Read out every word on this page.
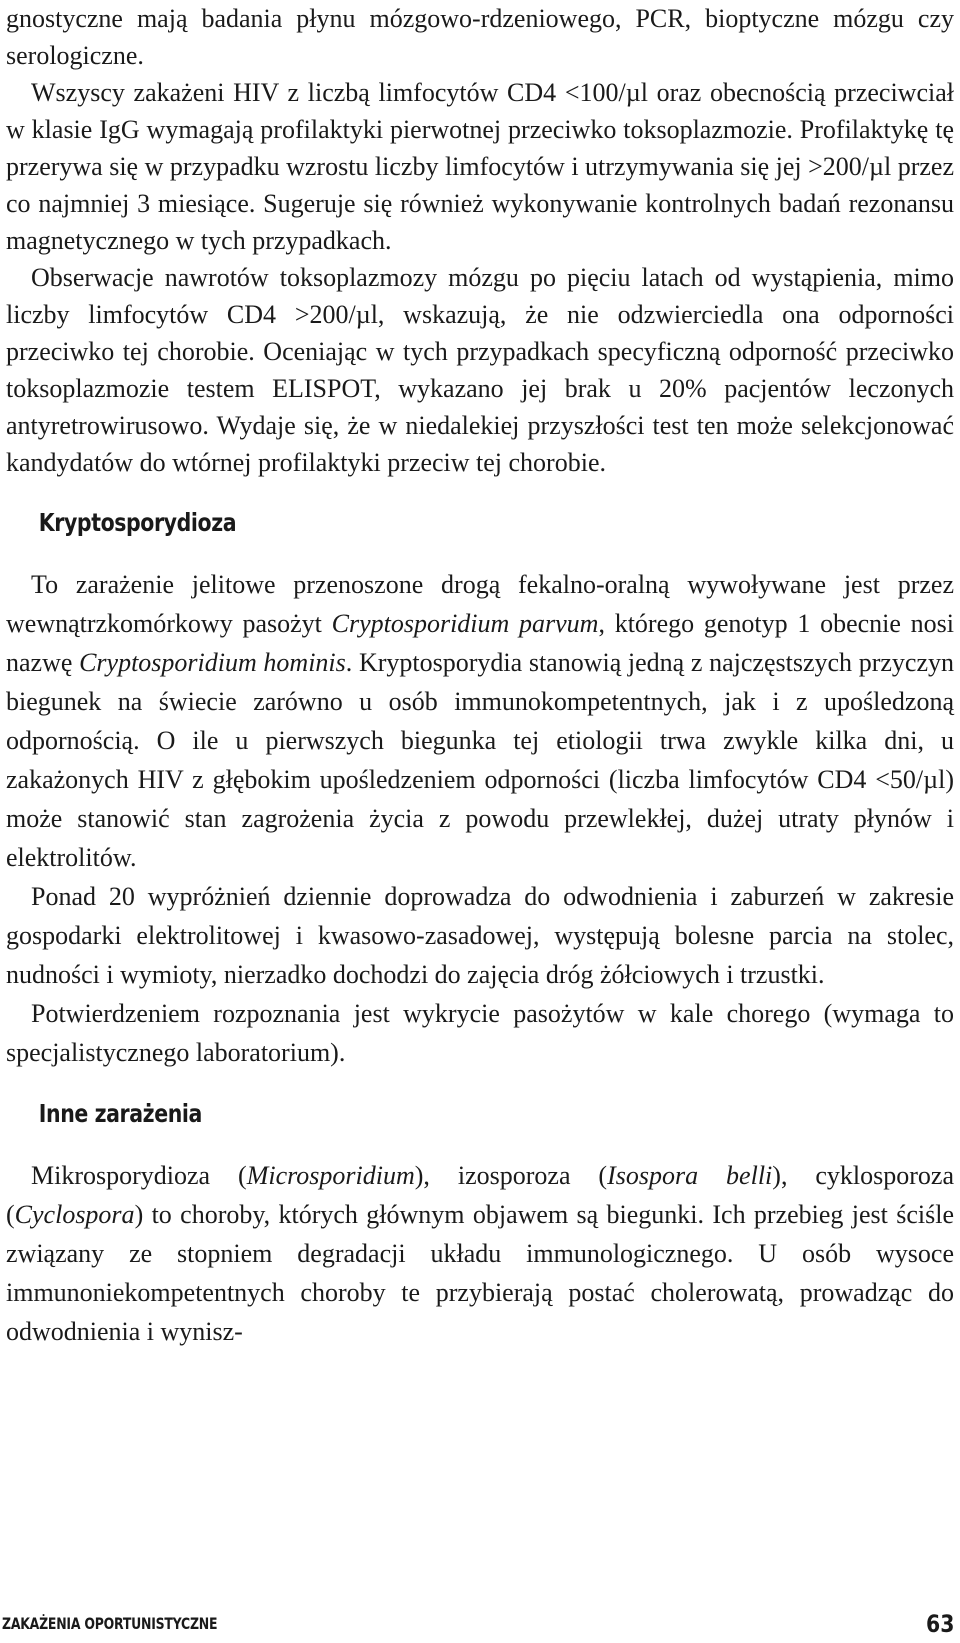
gnostyczne mają badania płynu mózgowo-rdzeniowego, PCR, bioptyczne mózgu czy serologiczne.

Wszyscy zakażeni HIV z liczbą limfocytów CD4 <100/µl oraz obecnością przeciwciał w klasie IgG wymagają profilaktyki pierwotnej przeciwko toksoplazmozie. Profilaktykę tę przerywa się w przypadku wzrostu liczby limfocytów i utrzymywania się jej >200/µl przez co najmniej 3 miesiące. Sugeruje się również wykonywanie kontrolnych badań rezonansu magnetycznego w tych przypadkach.

Obserwacje nawrotów toksoplazmozy mózgu po pięciu latach od wystąpienia, mimo liczby limfocytów CD4 >200/µl, wskazują, że nie odzwierciedla ona odporności przeciwko tej chorobie. Oceniając w tych przypadkach specyficzną odporność przeciwko toksoplazmozie testem ELISPOT, wykazano jej brak u 20% pacjentów leczonych antyretrowirusowo. Wydaje się, że w niedalekiej przyszłości test ten może selekcjonować kandydatów do wtórnej profilaktyki przeciw tej chorobie.

Kryptosporydioza

To zarażenie jelitowe przenoszone drogą fekalno-oralną wywoływane jest przez wewnątrzkomórkowy pasożyt Cryptosporidium parvum, którego genotyp 1 obecnie nosi nazwę Cryptosporidium hominis. Kryptosporydia stanowią jedną z najczęstszych przyczyn biegunek na świecie zarówno u osób immunokompetentnych, jak i z upośledzoną odpornością. O ile u pierwszych biegunka tej etiologii trwa zwykle kilka dni, u zakażonych HIV z głębokim upośledzeniem odporności (liczba limfocytów CD4 <50/µl) może stanowić stan zagrożenia życia z powodu przewlekłej, dużej utraty płynów i elektrolitów.

Ponad 20 wypróżnień dziennie doprowadza do odwodnienia i zaburzeń w zakresie gospodarki elektrolitowej i kwasowo-zasadowej, występują bolesne parcia na stolec, nudności i wymioty, nierzadko dochodzi do zajęcia dróg żółciowych i trzustki.

Potwierdzeniem rozpoznania jest wykrycie pasożytów w kale chorego (wymaga to specjalistycznego laboratorium).

Inne zarażenia

Mikrosporydioza (Microsporidium), izosporoza (Isospora belli), cyklosporoza (Cyclospora) to choroby, których głównym objawem są biegunki. Ich przebieg jest ściśle związany ze stopniem degradacji układu immunologicznego. U osób wysoce immunoniekompetentnych choroby te przybierają postać cholerowatą, prowadząc do odwodnienia i wynisz-

ZAKAŻENIA OPORTUNISTYCZNE	63
